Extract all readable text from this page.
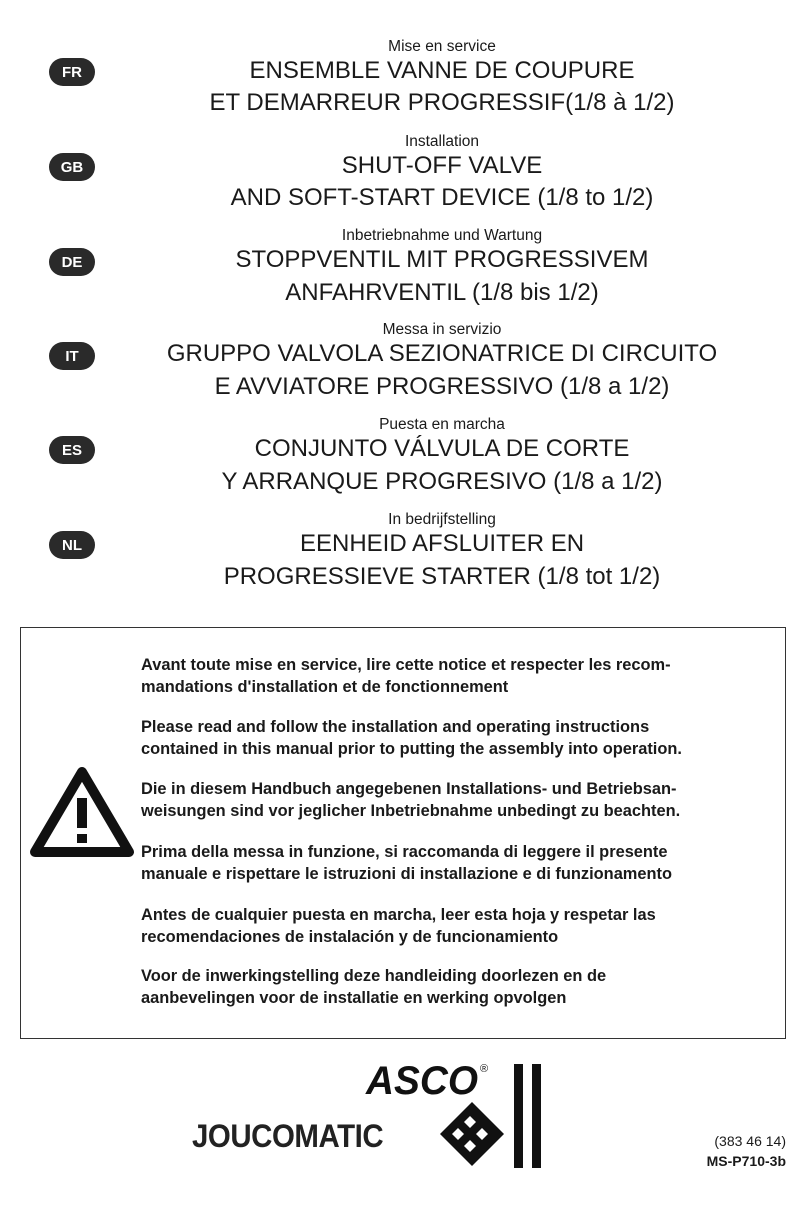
FR
Mise en service
ENSEMBLE VANNE DE COUPURE
ET DEMARREUR PROGRESSIF(1/8 à 1/2)
GB
Installation
SHUT-OFF VALVE
AND SOFT-START DEVICE (1/8 to 1/2)
DE
Inbetriebnahme und Wartung
STOPPVENTIL MIT PROGRESSIVEM
ANFAHRVENTIL (1/8 bis 1/2)
IT
Messa in servizio
GRUPPO VALVOLA SEZIONATRICE DI CIRCUITO
E AVVIATORE PROGRESSIVO (1/8 a 1/2)
ES
Puesta en marcha
CONJUNTO VÁLVULA DE CORTE
Y ARRANQUE PROGRESIVO (1/8 a 1/2)
NL
In bedrijfstelling
EENHEID AFSLUITER EN
PROGRESSIEVE STARTER (1/8 tot 1/2)
Avant toute mise en service, lire cette notice et respecter les recom-
mandations d'installation et de fonctionnement
Please read and follow the installation and operating instructions
contained in this manual prior to putting the assembly into operation.
Die in diesem Handbuch angegebenen Installations- und Betriebsan-
weisungen sind vor jeglicher Inbetriebnahme unbedingt zu beachten.
Prima della messa in funzione, si raccomanda di leggere il presente
manuale e rispettare le istruzioni di installazione e di funzionamento
Antes de cualquier puesta en marcha, leer esta hoja y respetar las
recomendaciones de instalación y de funcionamiento
Voor de inwerkingstelling deze handleiding doorlezen en de
aanbevelingen voor de installatie en werking opvolgen
ASCO ®
JOUCOMATIC	(383 46 14)
MS-P710-3b
